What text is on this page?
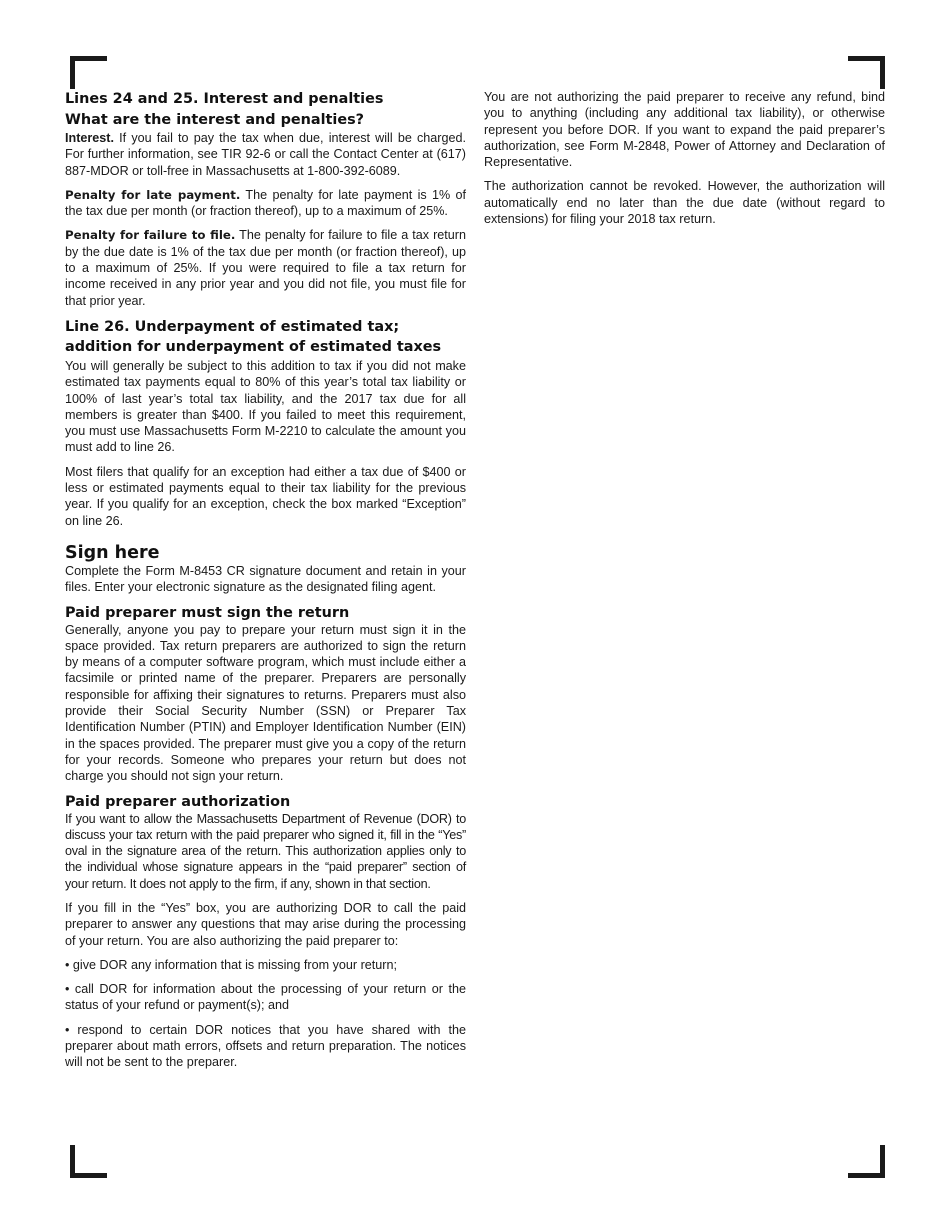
Lines 24 and 25. Interest and penalties
What are the interest and penalties?

Interest. If you fail to pay the tax when due, interest will be charged. For further information, see TIR 92-6 or call the Contact Center at (617) 887-MDOR or toll-free in Massachusetts at 1-800-392-6089.

Penalty for late payment. The penalty for late payment is 1% of the tax due per month (or fraction thereof), up to a maximum of 25%.

Penalty for failure to file. The penalty for failure to file a tax return by the due date is 1% of the tax due per month (or fraction thereof), up to a maximum of 25%. If you were required to file a tax return for income received in any prior year and you did not file, you must file for that prior year.

Line 26. Underpayment of estimated tax;
addition for underpayment of estimated taxes

You will generally be subject to this addition to tax if you did not make estimated tax payments equal to 80% of this year’s total tax liability or 100% of last year’s total tax liability, and the 2017 tax due for all members is greater than $400. If you failed to meet this requirement, you must use Massachusetts Form M-2210 to calculate the amount you must add to line 26.

Most filers that qualify for an exception had either a tax due of $400 or less or estimated payments equal to their tax liability for the previous year. If you qualify for an exception, check the box marked “Exception” on line 26.

Sign here

Complete the Form M-8453 CR signature document and retain in your files. Enter your electronic signature as the designated filing agent.

Paid preparer must sign the return

Generally, anyone you pay to prepare your return must sign it in the space provided. Tax return preparers are authorized to sign the return by means of a computer software program, which must include either a facsimile or printed name of the preparer. Preparers are personally responsible for affixing their signatures to returns. Preparers must also provide their Social Security Number (SSN) or Preparer Tax Identification Number (PTIN) and Employer Identification Number (EIN) in the spaces provided. The preparer must give you a copy of the return for your records. Someone who prepares your return but does not charge you should not sign your return.

Paid preparer authorization

If you want to allow the Massachusetts Department of Revenue (DOR) to discuss your tax return with the paid preparer who signed it, fill in the “Yes” oval in the signature area of the return. This authorization applies only to the individual whose signature appears in the “paid preparer” section of your return. It does not apply to the firm, if any, shown in that section.

If you fill in the “Yes” box, you are authorizing DOR to call the paid preparer to answer any questions that may arise during the processing of your return. You are also authorizing the paid preparer to:

• give DOR any information that is missing from your return;

• call DOR for information about the processing of your return or the status of your refund or payment(s); and

• respond to certain DOR notices that you have shared with the preparer about math errors, offsets and return preparation. The notices will not be sent to the preparer.

You are not authorizing the paid preparer to receive any refund, bind you to anything (including any additional tax liability), or otherwise represent you before DOR. If you want to expand the paid preparer’s authorization, see Form M-2848, Power of Attorney and Declaration of Representative.

The authorization cannot be revoked. However, the authorization will automatically end no later than the due date (without regard to extensions) for filing your 2018 tax return.
